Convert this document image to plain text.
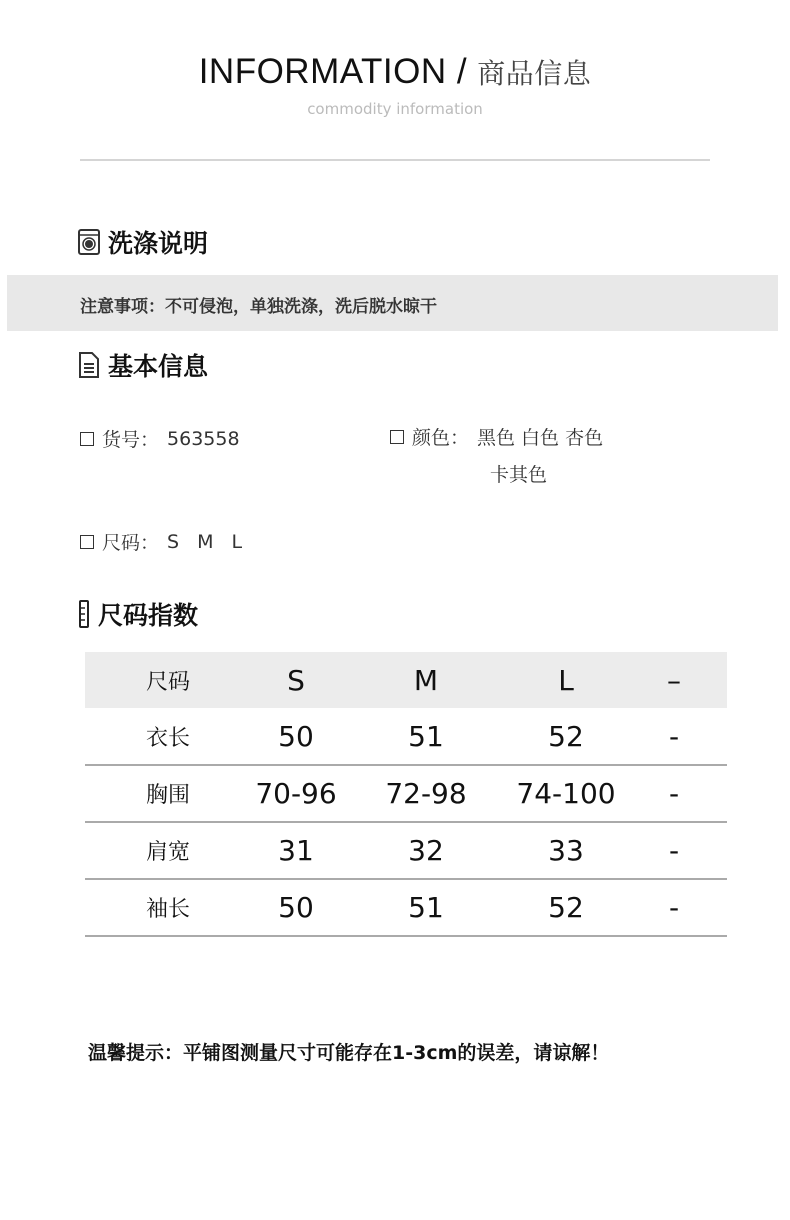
INFORMATION / 商品信息
commodity information
洗涤说明
注意事项：不可侵泡，单独洗涤，洗后脱水晾干
基本信息
货号： 563558	颜色： 黑色 白色 杏色
卡其色
尺码： S M L
尺码指数
尺码	S	M	L	–
衣长	50	51	52	-
胸围	70-96	72-98	74-100	-
肩宽	31	32	33	-
袖长	50	51	52	-
温馨提示：平铺图测量尺寸可能存在1-3cm的误差，请谅解！
